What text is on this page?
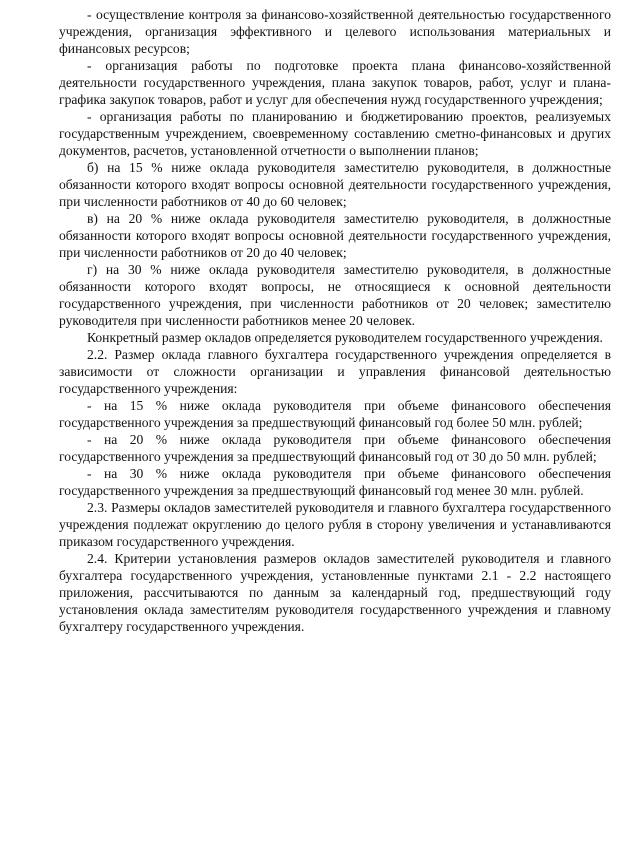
- осуществление контроля за финансово-хозяйственной деятельностью государственного учреждения, организация эффективного и целевого использования материальных и финансовых ресурсов;

- организация работы по подготовке проекта плана финансово-хозяйственной деятельности государственного учреждения, плана закупок товаров, работ, услуг и плана-графика закупок товаров, работ и услуг для обеспечения нужд государственного учреждения;

- организация работы по планированию и бюджетированию проектов, реализуемых государственным учреждением, своевременному составлению сметно-финансовых и других документов, расчетов, установленной отчетности о выполнении планов;

б) на 15 % ниже оклада руководителя заместителю руководителя, в должностные обязанности которого входят вопросы основной деятельности государственного учреждения, при численности работников от 40 до 60 человек;

в) на 20 % ниже оклада руководителя заместителю руководителя, в должностные обязанности которого входят вопросы основной деятельности государственного учреждения, при численности работников от 20 до 40 человек;

г) на 30 % ниже оклада руководителя заместителю руководителя, в должностные обязанности которого входят вопросы, не относящиеся к основной деятельности государственного учреждения, при численности работников от 20 человек; заместителю руководителя при численности работников менее 20 человек.

Конкретный размер окладов определяется руководителем государственного учреждения.

2.2. Размер оклада главного бухгалтера государственного учреждения определяется в зависимости от сложности организации и управления финансовой деятельностью государственного учреждения:

- на 15 % ниже оклада руководителя при объеме финансового обеспечения государственного учреждения за предшествующий финансовый год более 50 млн. рублей;

- на 20 % ниже оклада руководителя при объеме финансового обеспечения государственного учреждения за предшествующий финансовый год от 30 до 50 млн. рублей;

- на 30 % ниже оклада руководителя при объеме финансового обеспечения государственного учреждения за предшествующий финансовый год менее 30 млн. рублей.

2.3. Размеры окладов заместителей руководителя и главного бухгалтера государственного учреждения подлежат округлению до целого рубля в сторону увеличения и устанавливаются приказом государственного учреждения.

2.4. Критерии установления размеров окладов заместителей руководителя и главного бухгалтера государственного учреждения, установленные пунктами 2.1 - 2.2 настоящего приложения, рассчитываются по данным за календарный год, предшествующий году установления оклада заместителям руководителя государственного учреждения и главному бухгалтеру государственного учреждения.
